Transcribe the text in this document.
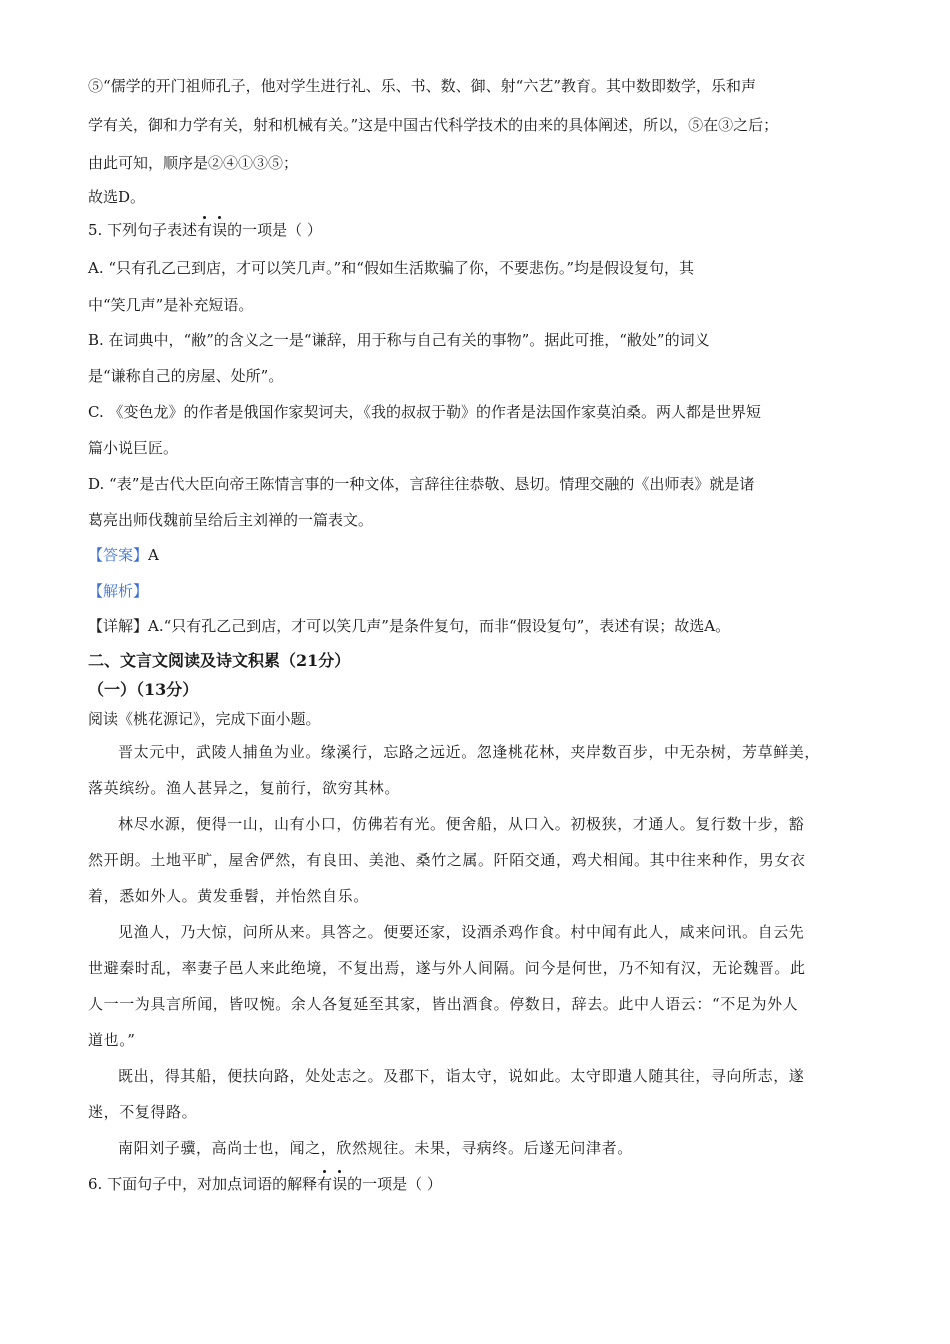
⑤“儒学的开门祖师孔子，他对学生进行礼、乐、书、数、御、射“六艺”教育。其中数即数学，乐和声
学有关，御和力学有关，射和机械有关。”这是中国古代科学技术的由来的具体阐述，所以，⑤在③之后；
由此可知，顺序是②④①③⑤；
故选D。
5. 下列句子表述有误的一项是（ ）
A. “只有孔乙己到店，才可以笑几声。”和“假如生活欺骗了你，不要悲伤。”均是假设复句，其
中“笑几声”是补充短语。
B. 在词典中，“敝”的含义之一是“谦辞，用于称与自己有关的事物”。据此可推，“敝处”的词义
是“谦称自己的房屋、处所”。
C. 《变色龙》的作者是俄国作家契诃夫，《我的叔叔于勒》的作者是法国作家莫泊桑。两人都是世界短
篇小说巨匠。
D. “表”是古代大臣向帝王陈情言事的一种文体，言辞往往恭敬、恳切。情理交融的《出师表》就是诸
葛亮出师伐魏前呈给后主刘禅的一篇表文。
【答案】A
【解析】
【详解】A.“只有孔乙己到店，才可以笑几声”是条件复句，而非“假设复句”，表述有误；故选A。
二、文言文阅读及诗文积累（21分）
（一）（13分）
阅读《桃花源记》，完成下面小题。
晋太元中，武陵人捕鱼为业。缘溪行，忘路之远近。忽逢桃花林，夹岸数百步，中无杂树，芳草鲜美，
落英缤纷。渔人甚异之，复前行，欲穷其林。
林尽水源，便得一山，山有小口，仿佛若有光。便舍船，从口入。初极狭，才通人。复行数十步，豁
然开朗。土地平旷，屋舍俨然，有良田、美池、桑竹之属。阡陌交通，鸡犬相闻。其中往来种作，男女衣
着，悉如外人。黄发垂髫，并怡然自乐。
见渔人，乃大惊，问所从来。具答之。便要还家，设酒杀鸡作食。村中闻有此人，咸来问讯。自云先
世避秦时乱，率妻子邑人来此绝境，不复出焉，遂与外人间隔。问今是何世，乃不知有汉，无论魏晋。此
人一一为具言所闻，皆叹惋。余人各复延至其家，皆出酒食。停数日，辞去。此中人语云：“不足为外人
道也。”
既出，得其船，便扶向路，处处志之。及郡下，诣太守，说如此。太守即遣人随其往，寻向所志，遂
迷，不复得路。
南阳刘子骥，高尚士也，闻之，欣然规往。未果，寻病终。后遂无问津者。
6. 下面句子中，对加点词语的解释有误的一项是（ ）
